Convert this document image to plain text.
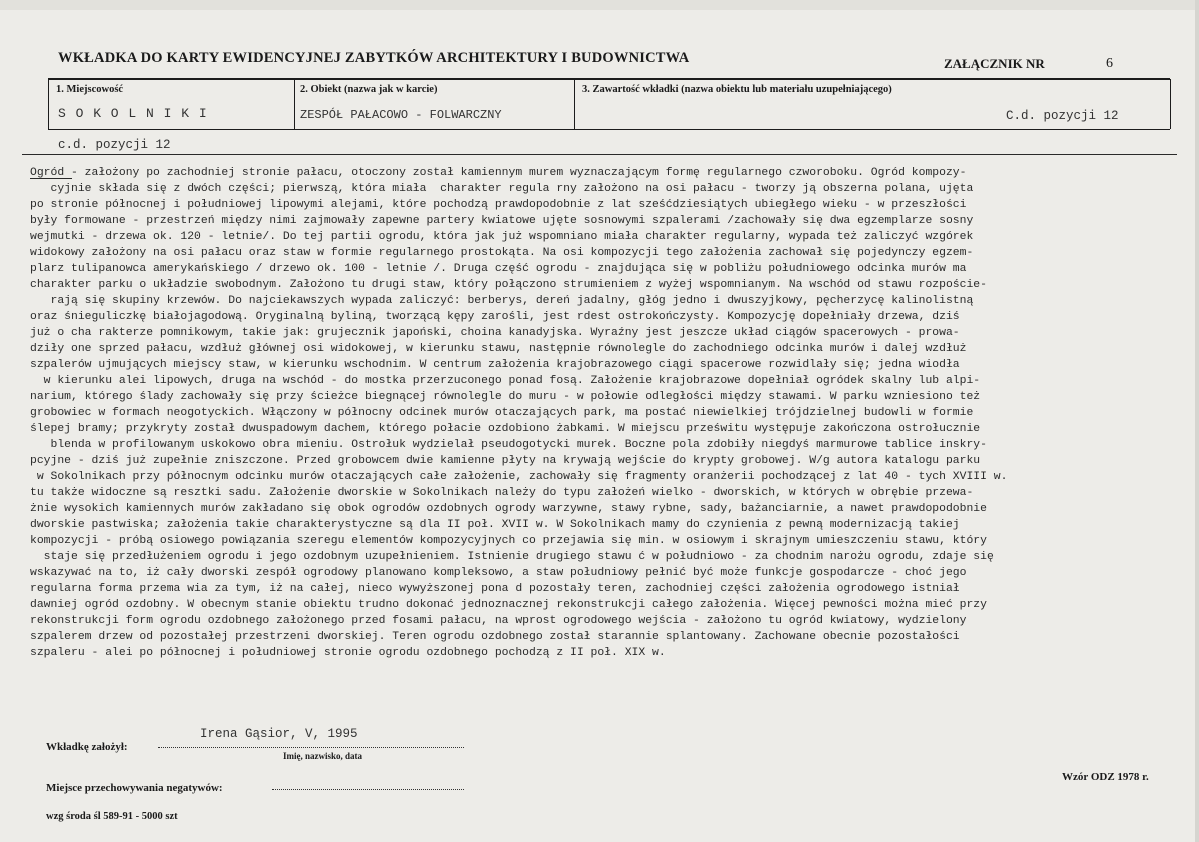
WKŁADKA DO KARTY EWIDENCYJNEJ ZABYTKÓW ARCHITEKTURY I BUDOWNICTWA	ZAŁĄCZNIK NR	6
1. Miejscowość	2. Obiekt (nazwa jak w karcie)	3. Zawartość wkładki (nazwa obiektu lub materiału uzupełniającego)
S O K O L N I K I	ZESPÓŁ PAŁACOWO - FOLWARCZNY	C.d. pozycji 12
c.d. pozycji 12
Ogród - założony po zachodniej stronie pałacu, otoczony został kamiennym murem wyznaczającym formę regularnego czworoboku. Ogród kompozy-
cyjnie składa się z dwóch części; pierwszą, która miała  charakter regula rny założono na osi pałacu - tworzy ją obszerna polana, ujęta
po stronie północnej i południowej lipowymi alejami, które pochodzą prawdopodobnie z lat sześćdziesiątych ubiegłego wieku - w przeszłości
były formowane - przestrzeń między nimi zajmowały zapewne partery kwiatowe ujęte sosnowymi szpalerami /zachowały się dwa egzemplarze sosny
wejmutki - drzewa ok. 120 - letnie/. Do tej partii ogrodu, która jak już wspomniano miała charakter regularny, wypada też zaliczyć wzgórek
widokowy założony na osi pałacu oraz staw w formie regularnego prostokąta. Na osi kompozycji tego założenia zachował się pojedynczy egzem-
plarz tulipanowca amerykańskiego / drzewo ok. 100 - letnie /. Druga część ogrodu - znajdująca się w pobliżu południowego odcinka murów ma
charakter parku o układzie swobodnym. Założono tu drugi staw, który połączono strumieniem z wyżej wspomnianym. Na wschód od stawu rozpoście-
rają się skupiny krzewów. Do najciekawszych wypada zaliczyć: berberys, dereń jadalny, głóg jedno i dwuszyjkowy, pęcherzycę kalinolistną
oraz śnieguliczkę białojagodową. Oryginalną byliną, tworzącą kępy zarośli, jest rdest ostrokończysty. Kompozycję dopełniały drzewa, dziś
już o cha rakterze pomnikowym, takie jak: grujecznik japoński, choina kanadyjska. Wyraźny jest jeszcze układ ciągów spacerowych - prowa-
dziły one sprzed pałacu, wzdłuż głównej osi widokowej, w kierunku stawu, następnie równolegle do zachodniego odcinka murów i dalej wzdłuż
szpalerów ujmujących miejscy staw, w kierunku wschodnim. W centrum założenia krajobrazowego ciągi spacerowe rozwidlały się; jedna wiodła
w kierunku alei lipowych, druga na wschód - do mostka przerzuconego ponad fosą. Założenie krajobrazowe dopełniał ogródek skalny lub alpi-
narium, którego ślady zachowały się przy ścieżce biegnącej równolegle do muru - w połowie odległości między stawami. W parku wzniesiono też
grobowiec w formach neogotyckich. Włączony w północny odcinek murów otaczających park, ma postać niewielkiej trójdzielnej budowli w formie
ślepej bramy; przykryty został dwuspadowym dachem, którego połacie ozdobiono żabkami. W miejscu prześwitu występuje zakończona ostrołucznie
blenda w profilowanym uskokowo obra mieniu. Ostrołuk wydzielał pseudogotycki murek. Boczne pola zdobiły niegdyś marmurowe tablice inskry-
pcyjne - dziś już zupełnie zniszczone. Przed grobowcem dwie kamienne płyty na krywają wejście do krypty grobowej. W/g autora katalogu parku
w Sokolnikach przy północnym odcinku murów otaczających całe założenie, zachowały się fragmenty oranżerii pochodzącej z lat 40 - tych XVIII w.
tu także widoczne są resztki sadu. Założenie dworskie w Sokolnikach należy do typu założeń wielko - dworskich, w których w obrębie przewa-
żnie wysokich kamiennych murów zakładano się obok ogrodów ozdobnych ogrody warzywne, stawy rybne, sady, bażanciarnie, a nawet prawdopodobnie
dworskie pastwiska; założenia takie charakterystyczne są dla II poł. XVII w. W Sokolnikach mamy do czynienia z pewną modernizacją takiej
kompozycji - próbą osiowego powiązania szeregu elementów kompozycyjnych co przejawia się min. w osiowym i skrajnym umieszczeniu stawu, który
staje się przedłużeniem ogrodu i jego ozdobnym uzupełnieniem. Istnienie drugiego stawu ć w południowo - za chodnim narożu ogrodu, zdaje się
wskazywać na to, iż cały dworski zespół ogrodowy planowano kompleksowo, a staw południowy pełnić być może funkcje gospodarcze - choć jego
regularna forma przema wia za tym, iż na całej, nieco wywyższonej pona d pozostały teren, zachodniej części założenia ogrodowego istniał
dawniej ogród ozdobny. W obecnym stanie obiektu trudno dokonać jednoznacznej rekonstrukcji całego założenia. Więcej pewności można mieć przy
rekonstrukcji form ogrodu ozdobnego założonego przed fosami pałacu, na wprost ogrodowego wejścia - założono tu ogród kwiatowy, wydzielony
szpalerem drzew od pozostałej przestrzeni dworskiej. Teren ogrodu ozdobnego został starannie splantowany. Zachowane obecnie pozostałości
szpaleru - alei po północnej i południowej stronie ogrodu ozdobnego pochodzą z II poł. XIX w.
Irena Gąsior, V, 1995
Wkładkę założył:
Imię, nazwisko, data
Wzór ODZ 1978 r.
Miejsce przechowywania negatywów:
wzg środa śl 589-91 - 5000 szt
